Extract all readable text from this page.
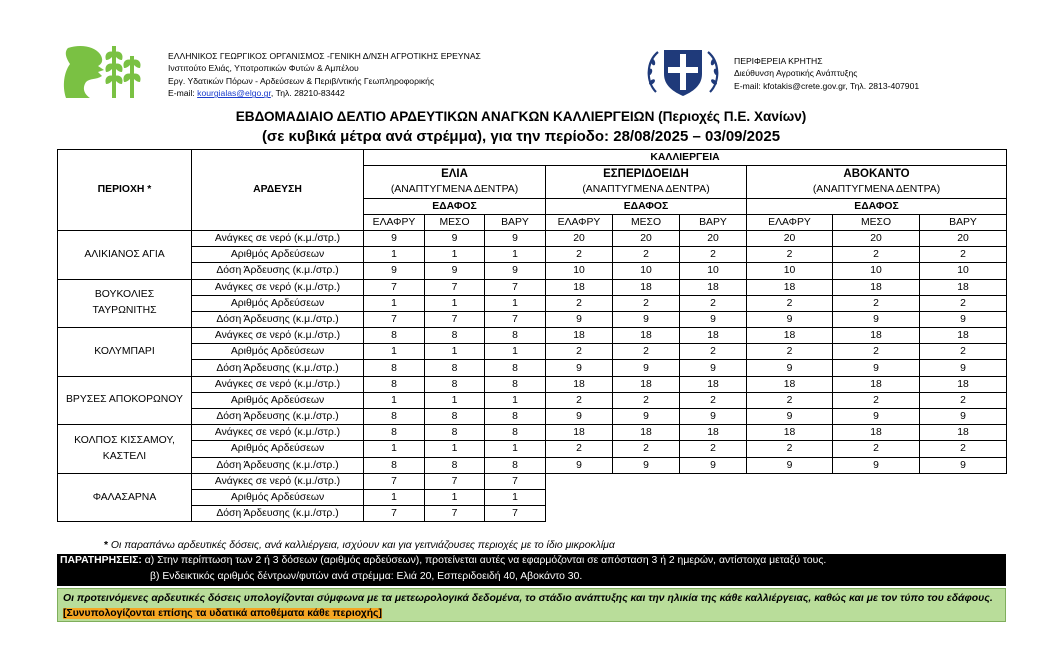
ΕΛΛΗΝΙΚΟΣ ΓΕΩΡΓΙΚΟΣ ΟΡΓΑΝΙΣΜΟΣ -ΓΕΝΙΚΗ Δ/ΝΣΗ ΑΓΡΟΤΙΚΗΣ ΕΡΕΥΝΑΣ
Ινστιτούτο Ελιάς, Υποτροπικών Φυτών & Αμπέλου
Εργ. Υδατικών Πόρων - Αρδεύσεων & Περιβ/ντικής Γεωπληροφορικής
E-mail: kourgialas@elgo.gr, Τηλ. 28210-83442
ΠΕΡΙΦΕΡΕΙΑ ΚΡΗΤΗΣ
Διεύθυνση Αγροτικής Ανάπτυξης
E-mail: kfotakis@crete.gov.gr, Τηλ. 2813-407901
ΕΒΔΟΜΑΔΙΑΙΟ ΔΕΛΤΙΟ ΑΡΔΕΥΤΙΚΩΝ ΑΝΑΓΚΩΝ ΚΑΛΛΙΕΡΓΕΙΩΝ (Περιοχές Π.Ε. Χανίων)
(σε κυβικά μέτρα ανά στρέμμα), για την περίοδο: 28/08/2025 – 03/09/2025
ΠΕΡΙΟΧΗ *	ΑΡΔΕΥΣΗ	ΚΑΛΛΙΕΡΓΕΙΑ								
		ΕΛΙΑ			ΕΣΠΕΡΙΔΟΕΙΔΗ			ΑΒΟΚΑΝΤΟ		
		(ΑΝΑΠΤΥΓΜΕΝΑ ΔΕΝΤΡΑ)			(ΑΝΑΠΤΥΓΜΕΝΑ ΔΕΝΤΡΑ)			(ΑΝΑΠΤΥΓΜΕΝΑ ΔΕΝΤΡΑ)		
		ΕΔΑΦΟΣ			ΕΔΑΦΟΣ			ΕΔΑΦΟΣ		
		ΕΛΑΦΡΥ	ΜΕΣΟ	ΒΑΡΥ	ΕΛΑΦΡΥ	ΜΕΣΟ	ΒΑΡΥ	ΕΛΑΦΡΥ	ΜΕΣΟ	ΒΑΡΥ
ΑΛΙΚΙΑΝΟΣ ΑΓΙΑ	Ανάγκες σε νερό (κ.μ./στρ.)	9	9	9	20	20	20	20	20	20
	Αριθμός Αρδεύσεων	1	1	1	2	2	2	2	2	2
	Δόση Άρδευσης (κ.μ./στρ.)	9	9	9	10	10	10	10	10	10
ΒΟΥΚΟΛΙΕΣ ΤΑΥΡΩΝΙΤΗΣ	Ανάγκες σε νερό (κ.μ./στρ.)	7	7	7	18	18	18	18	18	18
	Αριθμός Αρδεύσεων	1	1	1	2	2	2	2	2	2
	Δόση Άρδευσης (κ.μ./στρ.)	7	7	7	9	9	9	9	9	9
ΚΟΛΥΜΠΑΡΙ	Ανάγκες σε νερό (κ.μ./στρ.)	8	8	8	18	18	18	18	18	18
	Αριθμός Αρδεύσεων	1	1	1	2	2	2	2	2	2
	Δόση Άρδευσης (κ.μ./στρ.)	8	8	8	9	9	9	9	9	9
ΒΡΥΣΕΣ ΑΠΟΚΟΡΩΝΟΥ	Ανάγκες σε νερό (κ.μ./στρ.)	8	8	8	18	18	18	18	18	18
	Αριθμός Αρδεύσεων	1	1	1	2	2	2	2	2	2
	Δόση Άρδευσης (κ.μ./στρ.)	8	8	8	9	9	9	9	9	9
ΚΟΛΠΟΣ ΚΙΣΣΑΜΟΥ, ΚΑΣΤΕΛΙ	Ανάγκες σε νερό (κ.μ./στρ.)	8	8	8	18	18	18	18	18	18
	Αριθμός Αρδεύσεων	1	1	1	2	2	2	2	2	2
	Δόση Άρδευσης (κ.μ./στρ.)	8	8	8	9	9	9	9	9	9
ΦΑΛΑΣΑΡΝΑ	Ανάγκες σε νερό (κ.μ./στρ.)	7	7	7						
	Αριθμός Αρδεύσεων	1	1	1						
	Δόση Άρδευσης (κ.μ./στρ.)	7	7	7						
* Οι παραπάνω αρδευτικές δόσεις, ανά καλλιέργεια, ισχύουν και για γειτνιάζουσες περιοχές με το ίδιο μικροκλίμα
ΠΑΡΑΤΗΡΗΣΕΙΣ: α) Στην περίπτωση των 2 ή 3 δόσεων (αριθμός αρδεύσεων), προτείνεται αυτές να εφαρμόζονται σε απόσταση 3 ή 2 ημερών, αντίστοιχα μεταξύ τους.
β) Ενδεικτικός αριθμός δέντρων/φυτών ανά στρέμμα: Ελιά 20, Εσπεριδοειδή 40, Αβοκάντο 30.
Οι προτεινόμενες αρδευτικές δόσεις υπολογίζονται σύμφωνα με τα μετεωρολογικά δεδομένα, το στάδιο ανάπτυξης και την ηλικία της κάθε καλλιέργειας, καθώς και με τον τύπο του εδάφους. [Συνυπολογίζονται επίσης τα υδατικά αποθέματα κάθε περιοχής]
